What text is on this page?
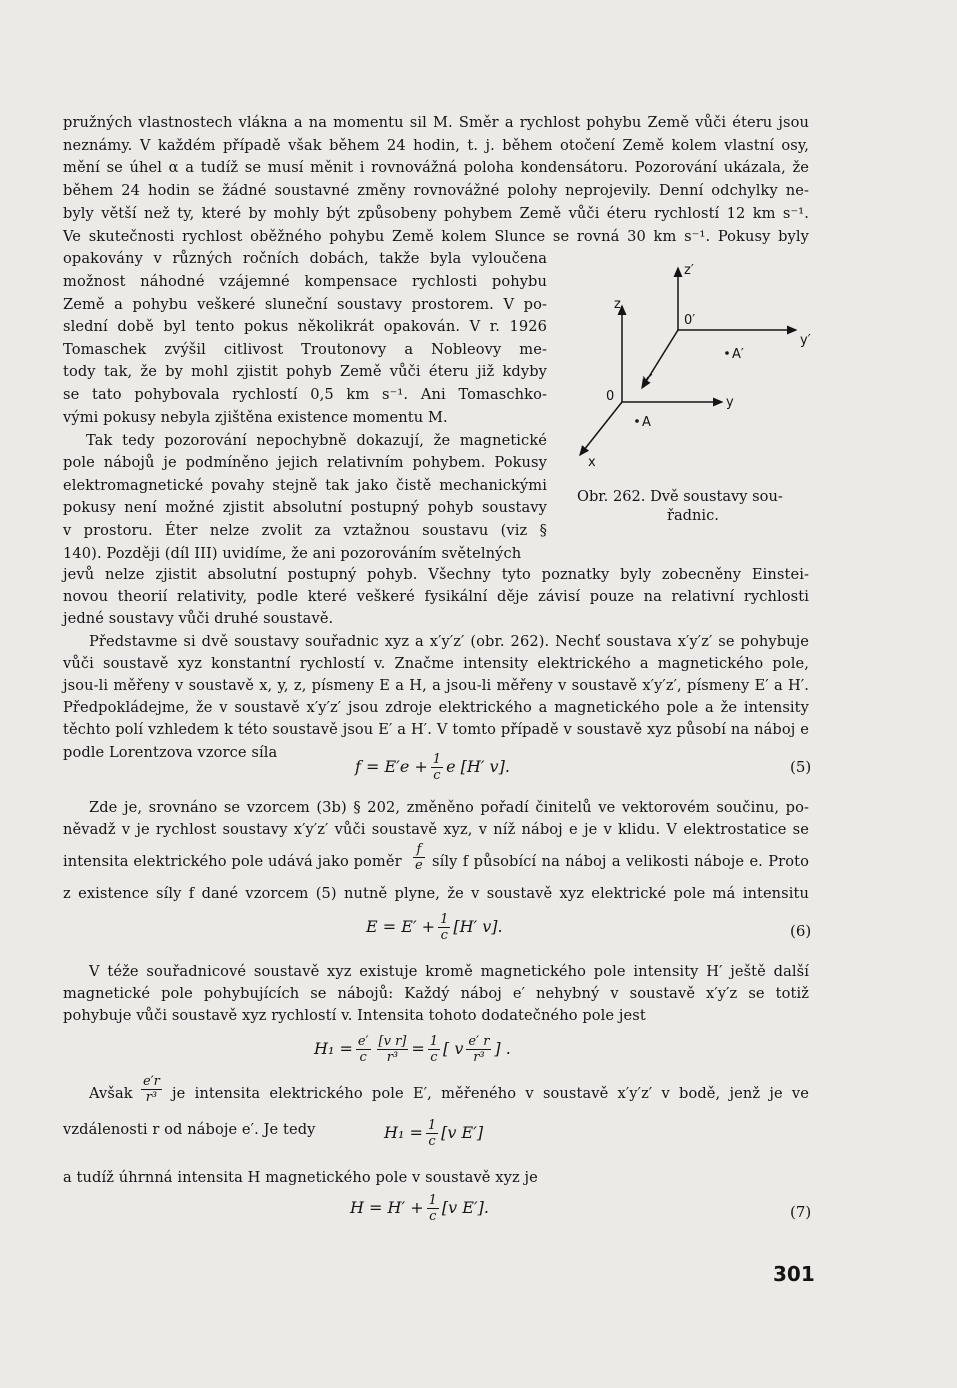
pružných vlastnostech vlákna a na momentu sil M. Směr a rychlost pohybu Země vůči éteru jsou
neznámy. V každém případě však během 24 hodin, t. j. během otočení Země kolem vlastní osy,
mění se úhel α a tudíž se musí měnit i rovnovážná poloha kondensátoru. Pozorování ukázala, že
během 24 hodin se žádné soustavné změny rovnovážné polohy neprojevily. Denní odchylky ne-
byly větší než ty, které by mohly být způsobeny pohybem Země vůči éteru rychlostí 12 km s⁻¹.
Ve skutečnosti rychlost oběžného pohybu Země kolem Slunce se rovná 30 km s⁻¹. Pokusy byly
opakovány v různých ročních dobách, takže byla vyloučena
možnost náhodné vzájemné kompensace rychlosti pohybu
Země a pohybu veškeré sluneční soustavy prostorem. V po-
slední době byl tento pokus několikrát opakován. V r. 1926
Tomaschek zvýšil citlivost Troutonovy a Nobleovy me-
tody tak, že by mohl zjistit pohyb Země vůči éteru již kdyby
se tato pohybovala rychlostí 0,5 km s⁻¹. Ani Tomaschko-
vými pokusy nebyla zjištěna existence momentu M.
Tak tedy pozorování nepochybně dokazují, že magnetické
pole nábojů je podmíněno jejich relativním pohybem. Pokusy
elektromagnetické povahy stejně tak jako čistě mechanickými
pokusy není možné zjistit absolutní postupný pohyb soustavy
v prostoru. Éter nelze zvolit za vztažnou soustavu (viz §
140). Později (díl III) uvidíme, že ani pozorováním světelných
jevů nelze zjistit absolutní postupný pohyb. Všechny tyto poznatky byly zobecněny Einstei-
novou theorií relativity, podle které veškeré fysikální děje závisí pouze na relativní rychlosti
jedné soustavy vůči druhé soustavě.
Představme si dvě soustavy souřadnic xyz a x′y′z′ (obr. 262). Nechť soustava x′y′z′ se pohybuje
vůči soustavě xyz konstantní rychlostí v. Značme intensity elektrického a magnetického pole,
jsou-li měřeny v soustavě x, y, z, písmeny E a H, a jsou-li měřeny v soustavě x′y′z′, písmeny E′ a H′.
Předpokládejme, že v soustavě x′y′z′ jsou zdroje elektrického a magnetického pole a že intensity
těchto polí vzhledem k této soustavě jsou E′ a H′. V tomto případě v soustavě xyz působí na náboj e
podle Lorentzova vzorce síla
$f = E'e + \frac{1}{c}$ e [H′ v].	(5)
Zde je, srovnáno se vzorcem (3b) § 202, změněno pořadí činitelů ve vektorovém součinu, po-
něvadž v je rychlost soustavy x′y′z′ vůči soustavě xyz, v níž náboj e je v klidu. V elektrostatice se
intensita elektrického pole udává jako poměr $\frac{f}{e}$ síly f působící na náboj a velikosti náboje e. Proto
z existence síly f dané vzorcem (5) nutně plyne, že v soustavě xyz elektrické pole má intensitu
$E = E' + \frac{1}{c} [H'$ v].	(6)
V téže souřadnicové soustavě xyz existuje kromě magnetického pole intensity H′ ještě další
magnetické pole pohybujících se nábojů: Každý náboj e′ nehybný v soustavě x′y′z se totiž
pohybuje vůči soustavě xyz rychlostí v. Intensita tohoto dodatečného pole jest
$H_1 = \frac{e'}{c} \frac{\text{[v r]}}{\text{r³}} = \frac{1}{c}$ [ v $\frac{e' r}{\text{r³}}$ ] .
Avšak $\frac{e'r}{\text{r³}}$ je intensita elektrického pole E′, měřeného v soustavě x′y′z′ v bodě, jenž je ve
vzdálenosti r od náboje e′. Je tedy	$H_1 = \frac{1}{c} [v$ E′]
a tudíž úhrnná intensita H magnetického pole v soustavě xyz je
$H = H' + \frac{1}{c} [v$ E′].	(7)
z
z′
0
0′
y
y′
x
x′
A
A′
Obr. 262. Dvě soustavy sou-
řadnic.
301
